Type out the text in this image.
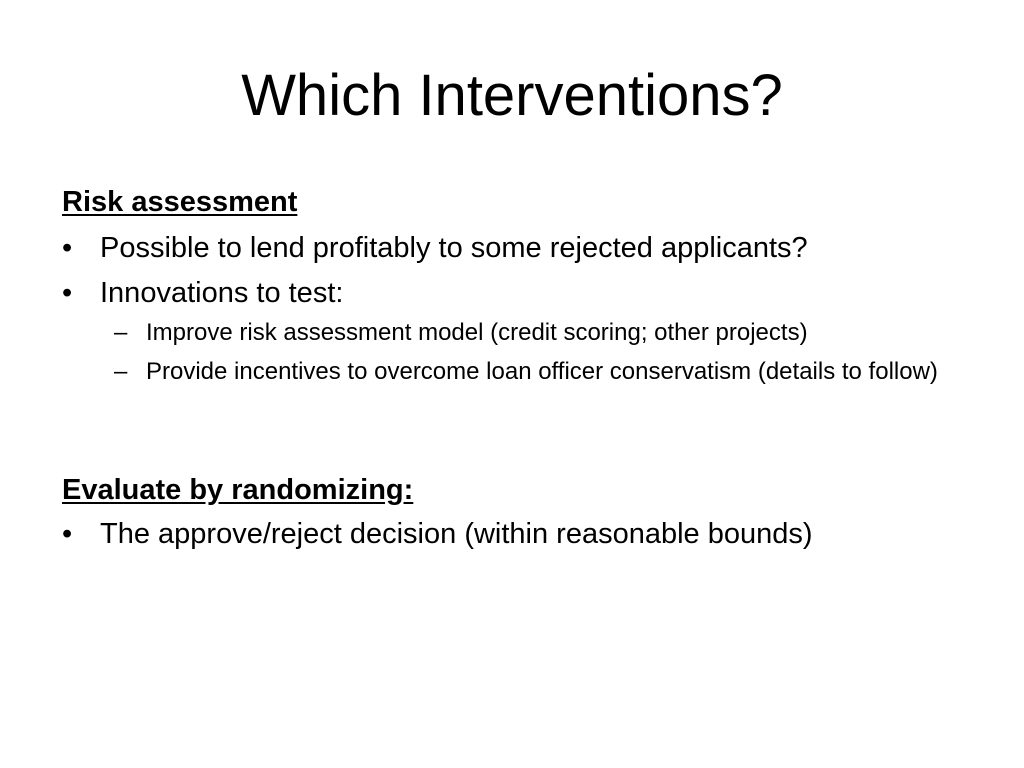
Which Interventions?
Risk assessment
• Possible to lend profitably to some rejected applicants?
• Innovations to test:
– Improve risk assessment model (credit scoring; other projects)
– Provide incentives to overcome loan officer conservatism (details to follow)
Evaluate by randomizing:
• The approve/reject decision (within reasonable bounds)
